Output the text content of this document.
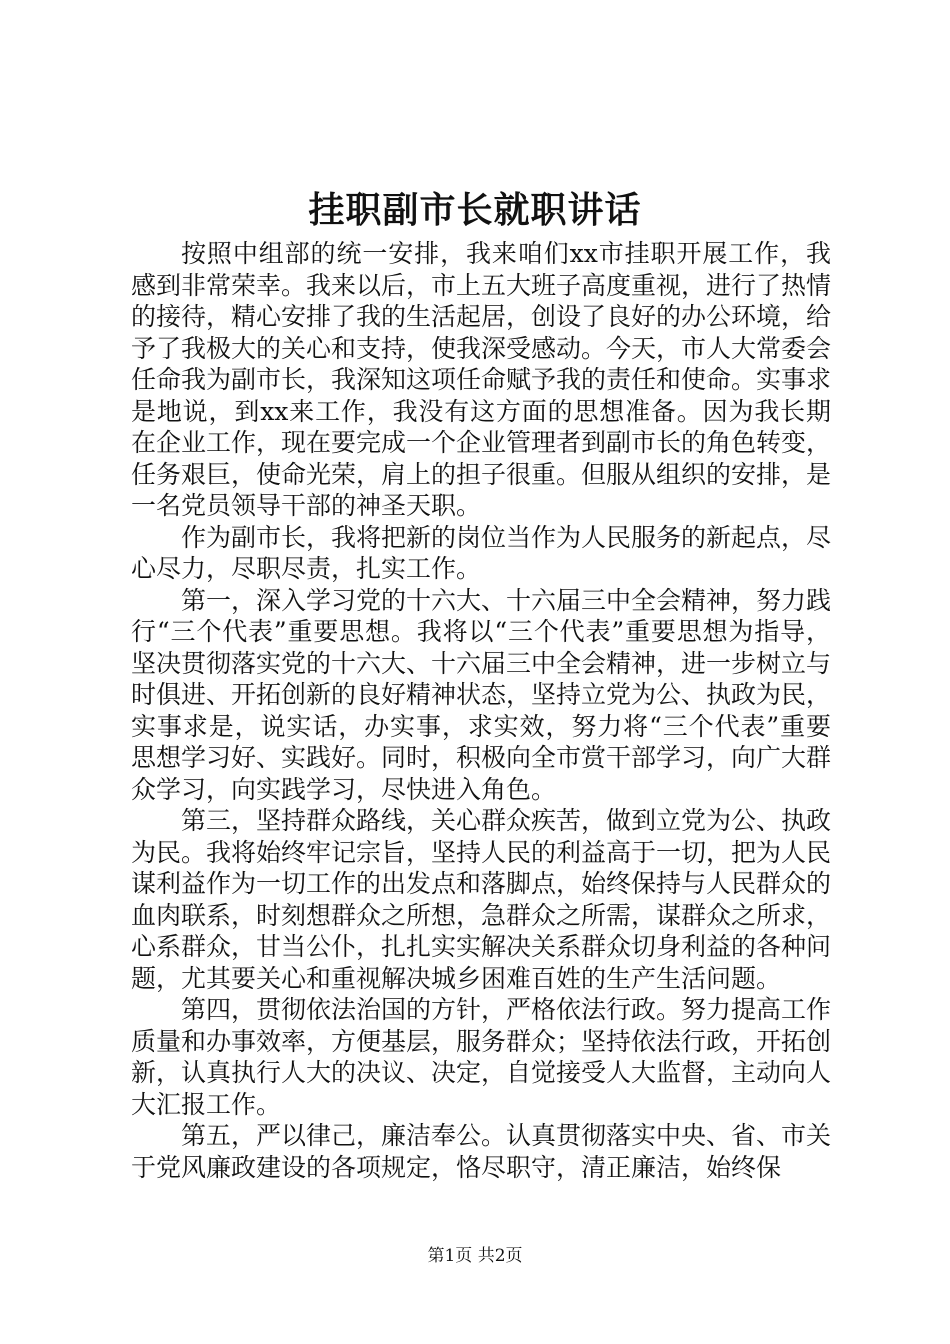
挂职副市长就职讲话

按照中组部的统一安排，我来咱们xx市挂职开展工作，我感到非常荣幸。我来以后，市上五大班子高度重视，进行了热情的接待，精心安排了我的生活起居，创设了良好的办公环境，给予了我极大的关心和支持，使我深受感动。今天，市人大常委会任命我为副市长，我深知这项任命赋予我的责任和使命。实事求是地说，到xx来工作，我没有这方面的思想准备。因为我长期在企业工作，现在要完成一个企业管理者到副市长的角色转变，任务艰巨，使命光荣，肩上的担子很重。但服从组织的安排，是一名党员领导干部的神圣天职。

作为副市长，我将把新的岗位当作为人民服务的新起点，尽心尽力，尽职尽责，扎实工作。

第一，深入学习党的十六大、十六届三中全会精神，努力践行“三个代表”重要思想。我将以“三个代表”重要思想为指导，坚决贯彻落实党的十六大、十六届三中全会精神，进一步树立与时俱进、开拓创新的良好精神状态，坚持立党为公、执政为民，实事求是，说实话，办实事，求实效，努力将“三个代表”重要思想学习好、实践好。同时，积极向全市赏干部学习，向广大群众学习，向实践学习，尽快进入角色。

第三，坚持群众路线，关心群众疾苦，做到立党为公、执政为民。我将始终牢记宗旨，坚持人民的利益高于一切，把为人民谋利益作为一切工作的出发点和落脚点，始终保持与人民群众的血肉联系，时刻想群众之所想，急群众之所需，谋群众之所求，心系群众，甘当公仆，扎扎实实解决关系群众切身利益的各种问题，尤其要关心和重视解决城乡困难百姓的生产生活问题。

第四，贯彻依法治国的方针，严格依法行政。努力提高工作质量和办事效率，方便基层，服务群众；坚持依法行政，开拓创新，认真执行人大的决议、决定，自觉接受人大监督，主动向人大汇报工作。

第五，严以律己，廉洁奉公。认真贯彻落实中央、省、市关于党风廉政建设的各项规定，恪尽职守，清正廉洁，始终保

第1页 共2页
